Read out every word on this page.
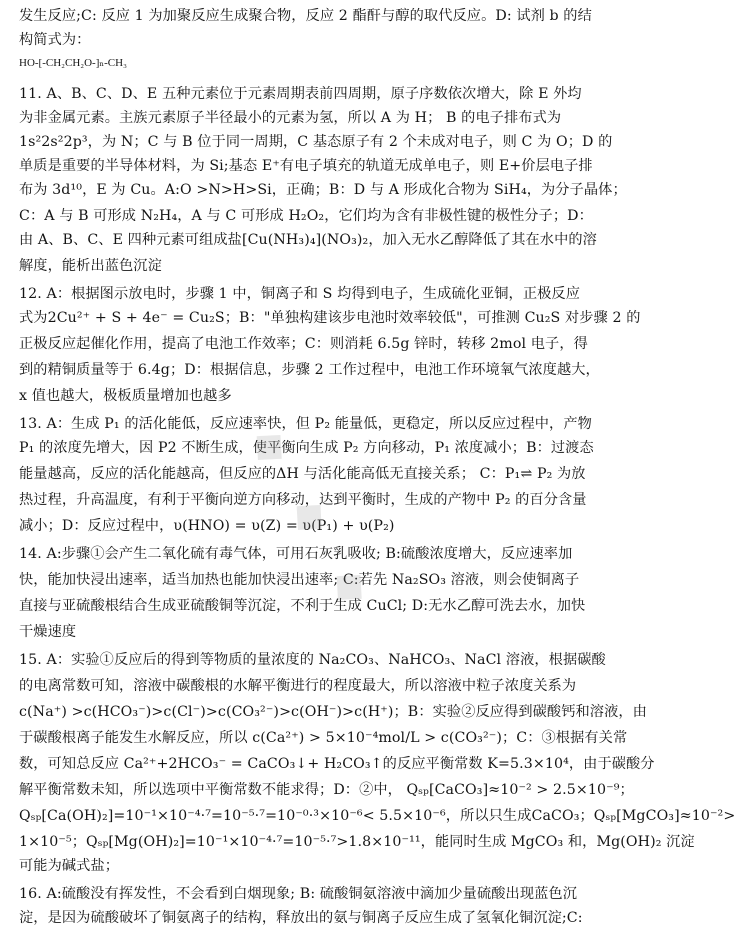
发生反应;C: 反应 1 为加聚反应生成聚合物，反应 2 酯酐与醇的取代反应。D: 试剂 b 的结
构简式为：
HO-[-CH₂CH₂O-]ₙ-CH₃
11. A、B、C、D、E 五种元素位于元素周期表前四周期，原子序数依次增大，除 E 外均
为非金属元素。主族元素原子半径最小的元素为氢，所以 A 为 H； B 的电子排布式为
1s²2s²2p³，为 N；C 与 B 位于同一周期，C 基态原子有 2 个未成对电子，则 C 为 O；D 的
单质是重要的半导体材料，为 Si;基态 E⁺有电子填充的轨道无成单电子，则 E+价层电子排
布为 3d¹⁰，E 为 Cu。A:O >N>H>Si，正确；B：D 与 A 形成化合物为 SiH₄，为分子晶体；
C：A 与 B 可形成 N₂H₄，A 与 C 可形成 H₂O₂，它们均为含有非极性键的极性分子；D：
由 A、B、C、E 四种元素可组成盐[Cu(NH₃)₄](NO₃)₂，加入无水乙醇降低了其在水中的溶
解度，能析出蓝色沉淀
12. A：根据图示放电时，步骤 1 中，铜离子和 S 均得到电子，生成硫化亚铜，正极反应
式为2Cu²⁺ + S + 4e⁻ = Cu₂S；B："单独构建该步电池时效率较低"，可推测 Cu₂S 对步骤 2 的
正极反应起催化作用，提高了电池工作效率；C：则消耗 6.5g 锌时，转移 2mol 电子，得
到的精铜质量等于 6.4g；D：根据信息，步骤 2 工作过程中，电池工作环境氧气浓度越大，
x 值也越大，极板质量增加也越多
13. A：生成 P₁ 的活化能低，反应速率快，但 P₂ 能量低，更稳定，所以反应过程中，产物
P₁ 的浓度先增大，因 P2 不断生成，使平衡向生成 P₂ 方向移动，P₁ 浓度减小；B：过渡态
能量越高，反应的活化能越高，但反应的ΔH 与活化能高低无直接关系； C：P₁⇌ P₂ 为放
热过程，升高温度，有利于平衡向逆方向移动，达到平衡时，生成的产物中 P₂ 的百分含量
减小；D：反应过程中，υ(HNO) = υ(Z) = υ(P₁) + υ(P₂)
14. A:步骤①会产生二氧化硫有毒气体，可用石灰乳吸收; B:硫酸浓度增大，反应速率加
快，能加快浸出速率，适当加热也能加快浸出速率; C:若先 Na₂SO₃ 溶液，则会使铜离子
直接与亚硫酸根结合生成亚硫酸铜等沉淀，不利于生成 CuCl; D:无水乙醇可洗去水，加快
干燥速度
15. A：实验①反应后的得到等物质的量浓度的 Na₂CO₃、NaHCO₃、NaCl 溶液，根据碳酸
的电离常数可知，溶液中碳酸根的水解平衡进行的程度最大，所以溶液中粒子浓度关系为
c(Na⁺) >c(HCO₃⁻)>c(Cl⁻)>c(CO₃²⁻)>c(OH⁻)>c(H⁺)；B：实验②反应得到碳酸钙和溶液，由
于碳酸根离子能发生水解反应，所以 c(Ca²⁺) > 5×10⁻⁴mol/L > c(CO₃²⁻)；C：③根据有关常
数，可知总反应 Ca²⁺+2HCO₃⁻ = CaCO₃↓+ H₂CO₃↑的反应平衡常数 K=5.3×10⁴，由于碳酸分
解平衡常数未知，所以选项中平衡常数不能求得；D：②中， Qₛₚ[CaCO₃]≈10⁻² > 2.5×10⁻⁹；
Qₛₚ[Ca(OH)₂]=10⁻¹×10⁻⁴·⁷=10⁻⁵·⁷=10⁻⁰·³×10⁻⁶< 5.5×10⁻⁶，所以只生成CaCO₃；Qₛₚ[MgCO₃]≈10⁻²>
1×10⁻⁵；Qₛₚ[Mg(OH)₂]=10⁻¹×10⁻⁴·⁷=10⁻⁵·⁷>1.8×10⁻¹¹，能同时生成 MgCO₃ 和，Mg(OH)₂ 沉淀
可能为碱式盐；
16. A:硫酸没有挥发性，不会看到白烟现象; B: 硫酸铜氨溶液中滴加少量硫酸出现蓝色沉
淀，是因为硫酸破坏了铜氨离子的结构，释放出的氨与铜离子反应生成了氢氧化铜沉淀;C:
◆
◆
◆
